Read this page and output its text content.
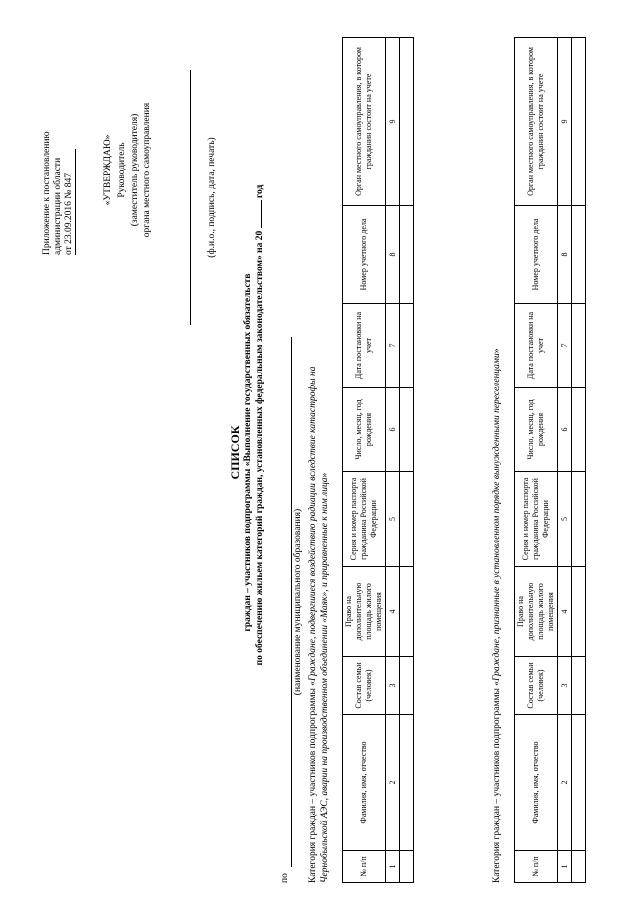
Приложение к постановлению администрации области от 23.09.2016 № 847
«УТВЕРЖДАЮ» Руководитель (заместитель руководителя) органа местного самоуправления	(ф.и.о., подпись, дата, печать)
СПИСОК граждан – участников подпрограммы «Выполнение государственных обязательств по обеспечению жильем категорий граждан, установленных федеральным законодательством» на 20  год
по
(наименование муниципального образования)
Категория граждан – участников подпрограммы «Граждане, подвергшиеся воздействию радиации вследствие катастрофы на Чернобыльской АЭС, аварии на производственном объединении «Маяк», и приравненные к ним лица»
№ п/п	Фамилия, имя, отчество	Состав семьи (человек)	Право на дополнительную площадь жилого помещения	Серия и номер паспорта гражданина Российской Федерации	Число, месяц, год рождения	Дата постановки на учет	Номер учетного дела	Орган местного самоуправления, в котором гражданин состоит на учете
1	2	3	4	5	6	7	8	9

Категория граждан – участников подпрограммы «Граждане, признанные в установленном порядке вынужденными переселенцами»
№ п/п	Фамилия, имя, отчество	Состав семьи (человек)	Право на дополнительную площадь жилого помещения	Серия и номер паспорта гражданина Российской Федерации	Число, месяц, год рождения	Дата постановки на учет	Номер учетного дела	Орган местного самоуправления, в котором гражданин состоит на учете
1	2	3	4	5	6	7	8	9
